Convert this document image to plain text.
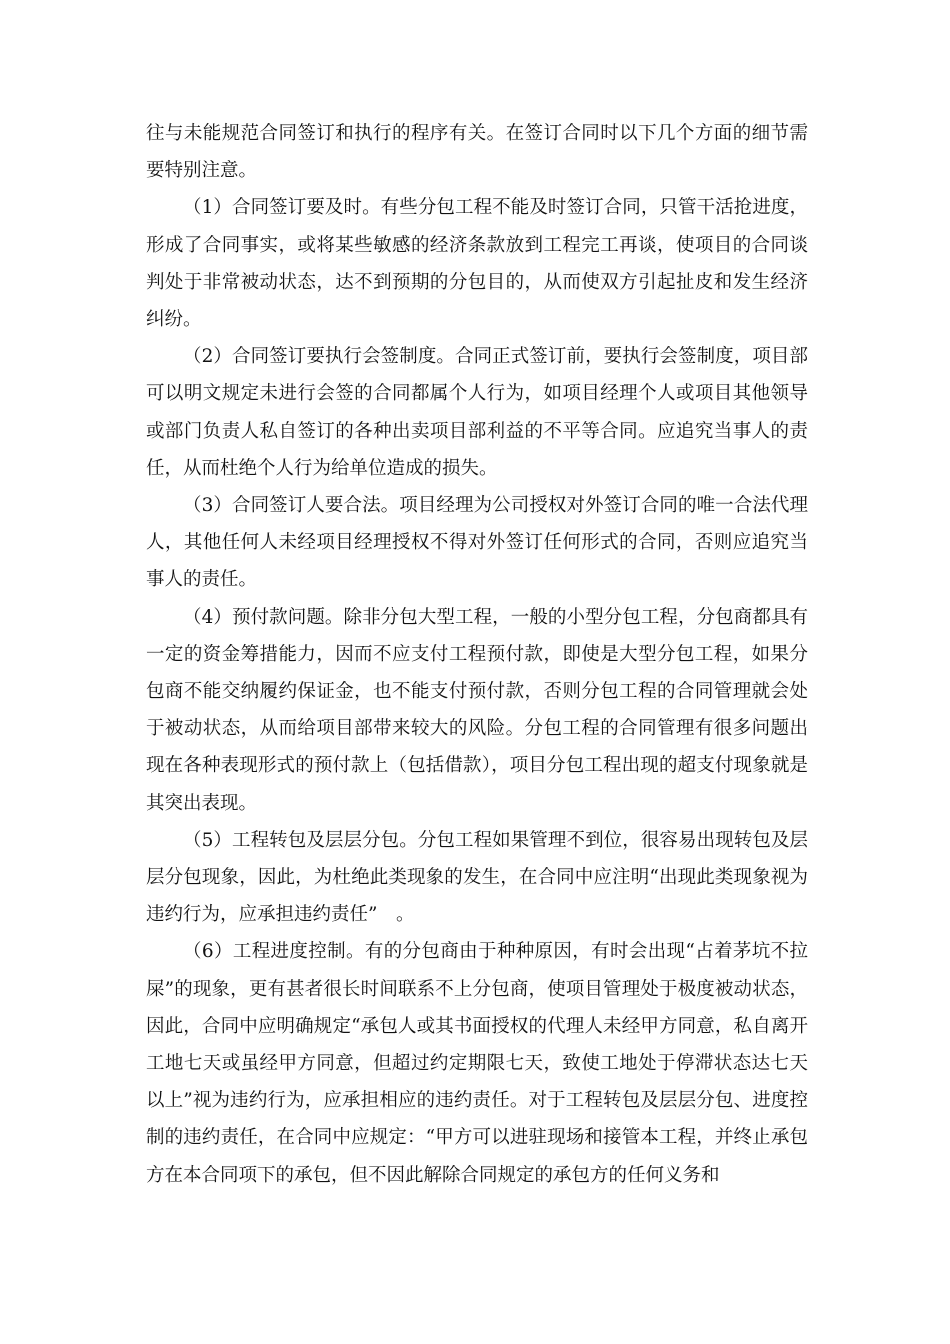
往与未能规范合同签订和执行的程序有关。在签订合同时以下几个方面的细节需要特别注意。

（1）合同签订要及时。有些分包工程不能及时签订合同，只管干活抢进度，形成了合同事实，或将某些敏感的经济条款放到工程完工再谈，使项目的合同谈判处于非常被动状态，达不到预期的分包目的，从而使双方引起扯皮和发生经济纠纷。

（2）合同签订要执行会签制度。合同正式签订前，要执行会签制度，项目部可以明文规定未进行会签的合同都属个人行为，如项目经理个人或项目其他领导或部门负责人私自签订的各种出卖项目部利益的不平等合同。应追究当事人的责任，从而杜绝个人行为给单位造成的损失。

（3）合同签订人要合法。项目经理为公司授权对外签订合同的唯一合法代理人，其他任何人未经项目经理授权不得对外签订任何形式的合同，否则应追究当事人的责任。

（4）预付款问题。除非分包大型工程，一般的小型分包工程，分包商都具有一定的资金筹措能力，因而不应支付工程预付款，即使是大型分包工程，如果分包商不能交纳履约保证金，也不能支付预付款，否则分包工程的合同管理就会处于被动状态，从而给项目部带来较大的风险。分包工程的合同管理有很多问题出现在各种表现形式的预付款上（包括借款），项目分包工程出现的超支付现象就是其突出表现。

（5）工程转包及层层分包。分包工程如果管理不到位，很容易出现转包及层层分包现象，因此，为杜绝此类现象的发生，在合同中应注明“出现此类现象视为违约行为，应承担违约责任”　。

（6）工程进度控制。有的分包商由于种种原因，有时会出现“占着茅坑不拉屎”的现象，更有甚者很长时间联系不上分包商，使项目管理处于极度被动状态，因此，合同中应明确规定“承包人或其书面授权的代理人未经甲方同意，私自离开工地七天或虽经甲方同意，但超过约定期限七天，致使工地处于停滞状态达七天以上”视为违约行为，应承担相应的违约责任。对于工程转包及层层分包、进度控制的违约责任，在合同中应规定：“甲方可以进驻现场和接管本工程，并终止承包方在本合同项下的承包，但不因此解除合同规定的承包方的任何义务和
